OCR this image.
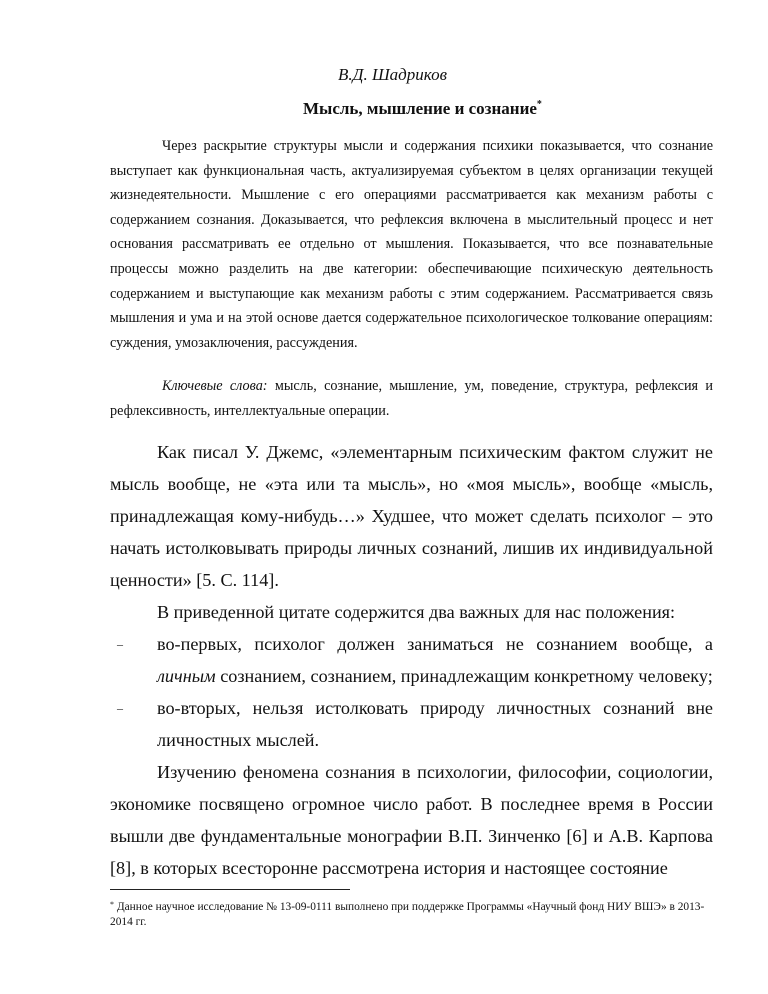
В.Д. Шадриков
Мысль, мышление и сознание*

Через раскрытие структуры мысли и содержания психики показывается, что сознание выступает как функциональная часть, актуализируемая субъектом в целях организации текущей жизнедеятельности. Мышление с его операциями рассматривается как механизм работы с содержанием сознания. Доказывается, что рефлексия включена в мыслительный процесс и нет основания рассматривать ее отдельно от мышления. Показывается, что все познавательные процессы можно разделить на две категории: обеспечивающие психическую деятельность содержанием и выступающие как механизм работы с этим содержанием. Рассматривается связь мышления и ума и на этой основе дается содержательное психологическое толкование операциям: суждения, умозаключения, рассуждения.

Ключевые слова: мысль, сознание, мышление, ум, поведение, структура, рефлексия и рефлексивность, интеллектуальные операции.

Как писал У. Джемс, «элементарным психическим фактом служит не мысль вообще, не «эта или та мысль», но «моя мысль», вообще «мысль, принадлежащая кому-нибудь…» Худшее, что может сделать психолог – это начать истолковывать природы личных сознаний, лишив их индивидуальной ценности» [5. С. 114].

В приведенной цитате содержится два важных для нас положения:

– во-первых, психолог должен заниматься не сознанием вообще, а личным сознанием, сознанием, принадлежащим конкретному человеку;
– во-вторых, нельзя истолковать природу личностных сознаний вне личностных мыслей.

Изучению феномена сознания в психологии, философии, социологии, экономике посвящено огромное число работ. В последнее время в России вышли две фундаментальные монографии В.П. Зинченко [6] и А.В. Карпова [8], в которых всесторонне рассмотрена история и настоящее состояние

* Данное научное исследование № 13-09-0111 выполнено при поддержке Программы «Научный фонд НИУ ВШЭ» в 2013- 2014 гг.
